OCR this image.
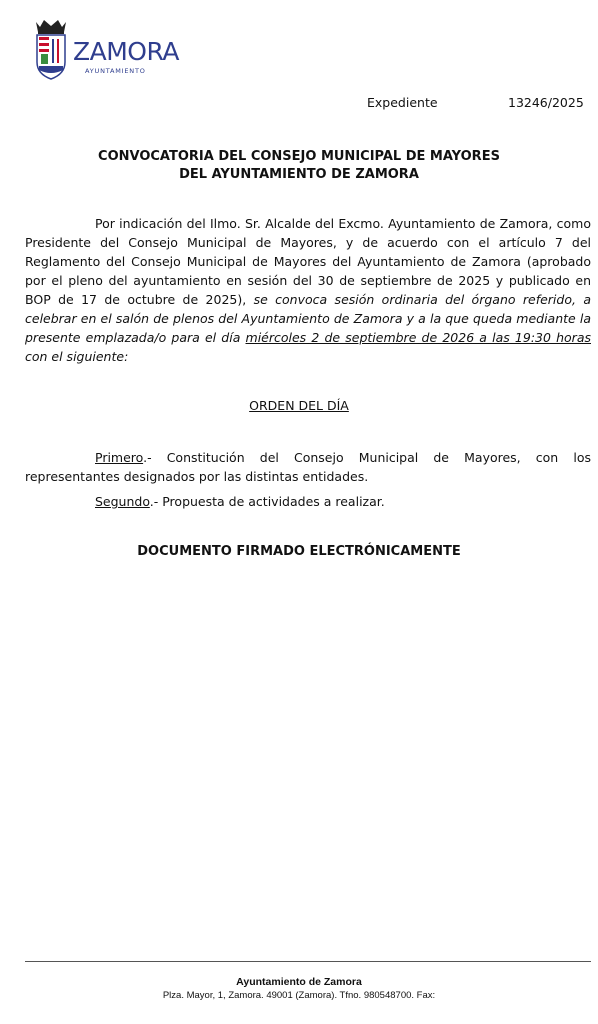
ZAMORA
AYUNTAMIENTO
Expediente	13246/2025
CONVOCATORIA DEL CONSEJO MUNICIPAL DE MAYORES
DEL AYUNTAMIENTO DE ZAMORA
Por indicación del Ilmo. Sr. Alcalde del Excmo. Ayuntamiento de Zamora, como Presidente del Consejo Municipal de Mayores, y de acuerdo con el artículo 7 del Reglamento del Consejo Municipal de Mayores del Ayuntamiento de Zamora (aprobado por el pleno del ayuntamiento en sesión del 30 de septiembre de 2025 y publicado en BOP de 17 de octubre de 2025), se convoca sesión ordinaria del órgano referido, a celebrar en el salón de plenos del Ayuntamiento de Zamora y a la que queda mediante la presente emplazada/o para el día miércoles 2 de septiembre de 2026 a las 19:30 horas con el siguiente:
ORDEN DEL DÍA
Primero.- Constitución del Consejo Municipal de Mayores, con los representantes designados por las distintas entidades.
Segundo.- Propuesta de actividades a realizar.
DOCUMENTO FIRMADO ELECTRÓNICAMENTE
Ayuntamiento de Zamora
Plza. Mayor, 1, Zamora. 49001 (Zamora). Tfno. 980548700. Fax:
